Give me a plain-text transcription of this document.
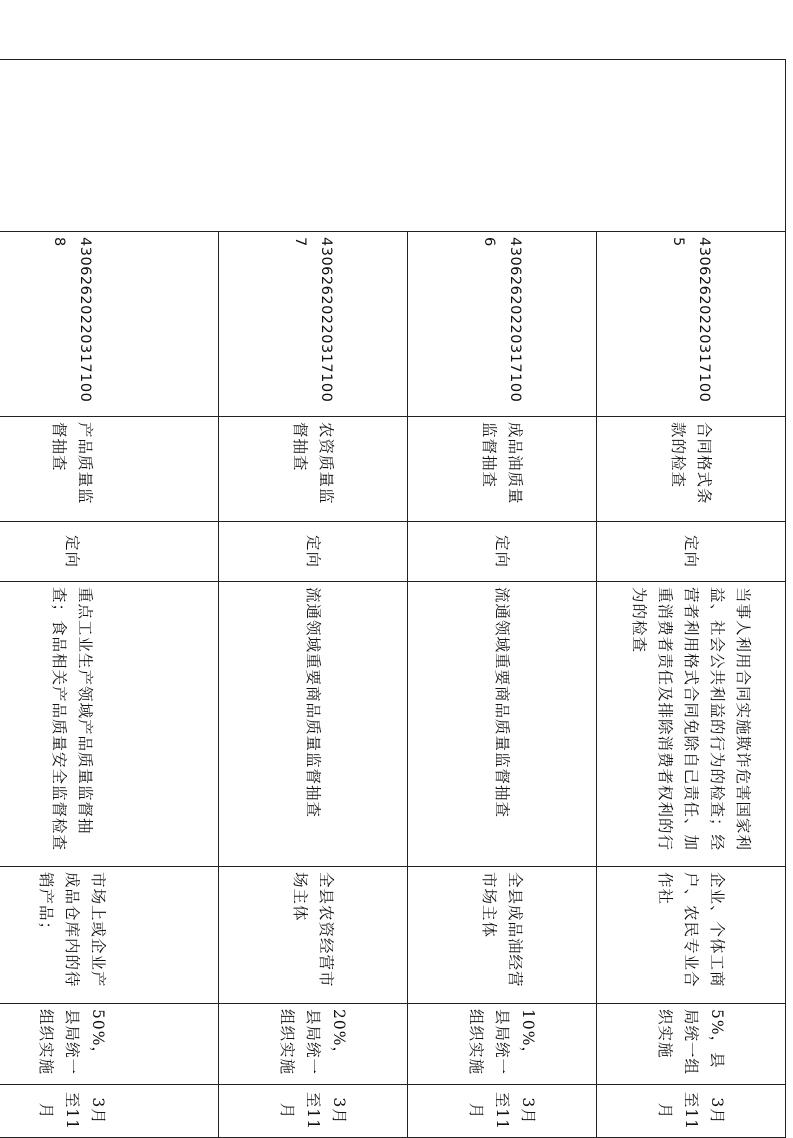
	430626202203171005	合同格式条款的检查	定向	当事人利用合同实施欺诈危害国家利益、社会公共利益的行为的检查；经营者利用格式合同免除自己责任、加重消费者责任及排除消费者权利的行为的检查	企业、个体工商户、农民专业合作社	5%，县局统一组织实施	3月至11月	
	430626202203171006	成品油质量监督抽查	定向	流通领域重要商品质量监督抽查	全县成品油经营市场主体	10%，县局统一组织实施	3月至11月	
	430626202203171007	农资质量监督抽查	定向	流通领域重要商品质量监督抽查	全县农资经营市场主体	20%，县局统一组织实施	3月至11月	
	430626202203171008	产品质量监督抽查	定向	重点工业生产领域产品质量监督抽查；食品相关产品质量安全监督检查	市场上或企业产成品仓库内的待销产品；	50%，县局统一组织实施	3月至11月	
